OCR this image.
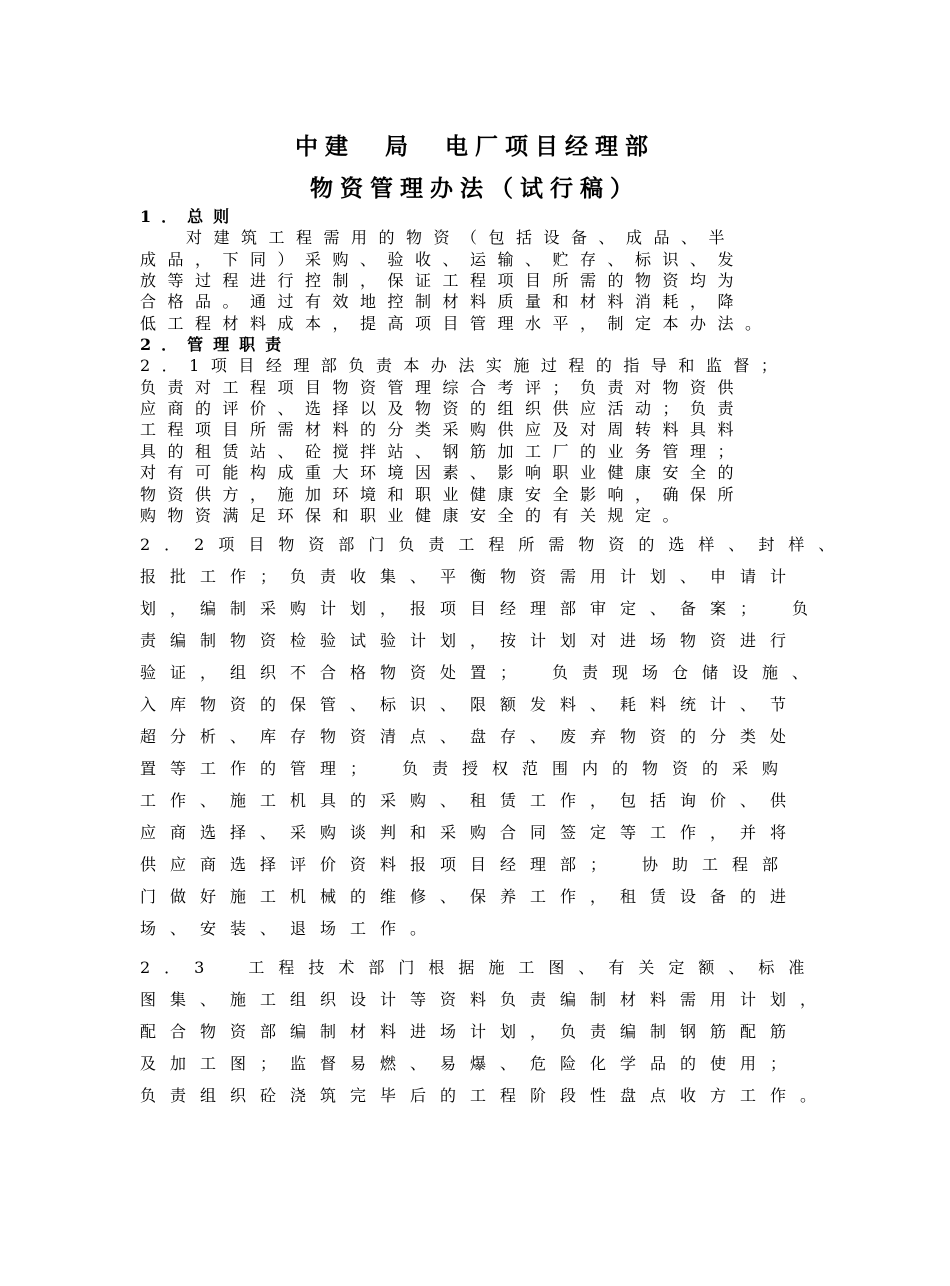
中建　局　电厂项目经理部
物资管理办法（试行稿）
1．总则
对建筑工程需用的物资（包括设备、成品、半
成品，下同）采购、验收、运输、贮存、标识、发
放等过程进行控制，保证工程项目所需的物资均为
合格品。通过有效地控制材料质量和材料消耗，降
低工程材料成本，提高项目管理水平，制定本办法。
2．管理职责
2．1项目经理部负责本办法实施过程的指导和监督；
负责对工程项目物资管理综合考评；负责对物资供
应商的评价、选择以及物资的组织供应活动；负责
工程项目所需材料的分类采购供应及对周转料具料
具的租赁站、砼搅拌站、钢筋加工厂的业务管理；
对有可能构成重大环境因素、影响职业健康安全的
物资供方，施加环境和职业健康安全影响，确保所
购物资满足环保和职业健康安全的有关规定。
2．2项目物资部门负责工程所需物资的选样、封样、
报批工作；负责收集、平衡物资需用计划、申请计
划，编制采购计划，报项目经理部审定、备案；　负
责编制物资检验试验计划，按计划对进场物资进行
验证，组织不合格物资处置；　负责现场仓储设施、
入库物资的保管、标识、限额发料、耗料统计、节
超分析、库存物资清点、盘存、废弃物资的分类处
置等工作的管理；　负责授权范围内的物资的采购
工作、施工机具的采购、租赁工作，包括询价、供
应商选择、采购谈判和采购合同签定等工作，并将
供应商选择评价资料报项目经理部；　协助工程部
门做好施工机械的维修、保养工作，租赁设备的进
场、安装、退场工作。
2．3　工程技术部门根据施工图、有关定额、标准
图集、施工组织设计等资料负责编制材料需用计划，
配合物资部编制材料进场计划，负责编制钢筋配筋
及加工图；监督易燃、易爆、危险化学品的使用；
负责组织砼浇筑完毕后的工程阶段性盘点收方工作。
